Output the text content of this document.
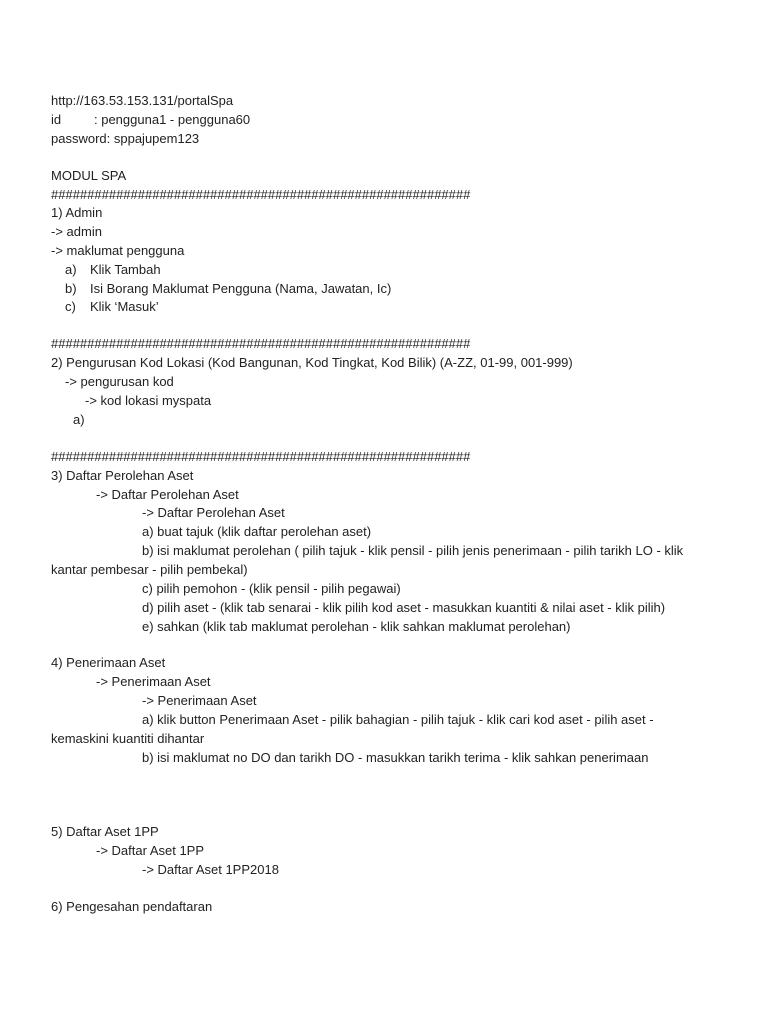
http://163.53.153.131/portalSpa
id	: pengguna1 - pengguna60
password: sppajupem123
MODUL SPA
##########################################################
1) Admin
-> admin
-> maklumat pengguna
a) Klik Tambah
b) Isi Borang Maklumat Pengguna (Nama, Jawatan, Ic)
c) Klik ‘Masuk’
##########################################################
2) Pengurusan Kod Lokasi (Kod Bangunan, Kod Tingkat, Kod Bilik) (A-ZZ, 01-99, 001-999)
-> pengurusan kod
-> kod lokasi myspata
a)
##########################################################
3) Daftar Perolehan Aset
-> Daftar Perolehan Aset
-> Daftar Perolehan Aset
a) buat tajuk (klik daftar perolehan aset)
b) isi maklumat perolehan ( pilih tajuk - klik pensil - pilih jenis penerimaan - pilih tarikh LO - klik
kantar pembesar - pilih pembekal)
c) pilih pemohon - (klik pensil - pilih pegawai)
d) pilih aset - (klik tab senarai - klik pilih kod aset - masukkan kuantiti & nilai aset - klik pilih)
e) sahkan (klik tab maklumat perolehan - klik sahkan maklumat perolehan)
4) Penerimaan Aset
-> Penerimaan Aset
-> Penerimaan Aset
a) klik button Penerimaan Aset - pilik bahagian - pilih tajuk - klik cari kod aset - pilih aset -
kemaskini kuantiti dihantar
b) isi maklumat no DO dan tarikh DO - masukkan tarikh terima - klik sahkan penerimaan
5) Daftar Aset 1PP
-> Daftar Aset 1PP
-> Daftar Aset 1PP2018
6) Pengesahan pendaftaran
